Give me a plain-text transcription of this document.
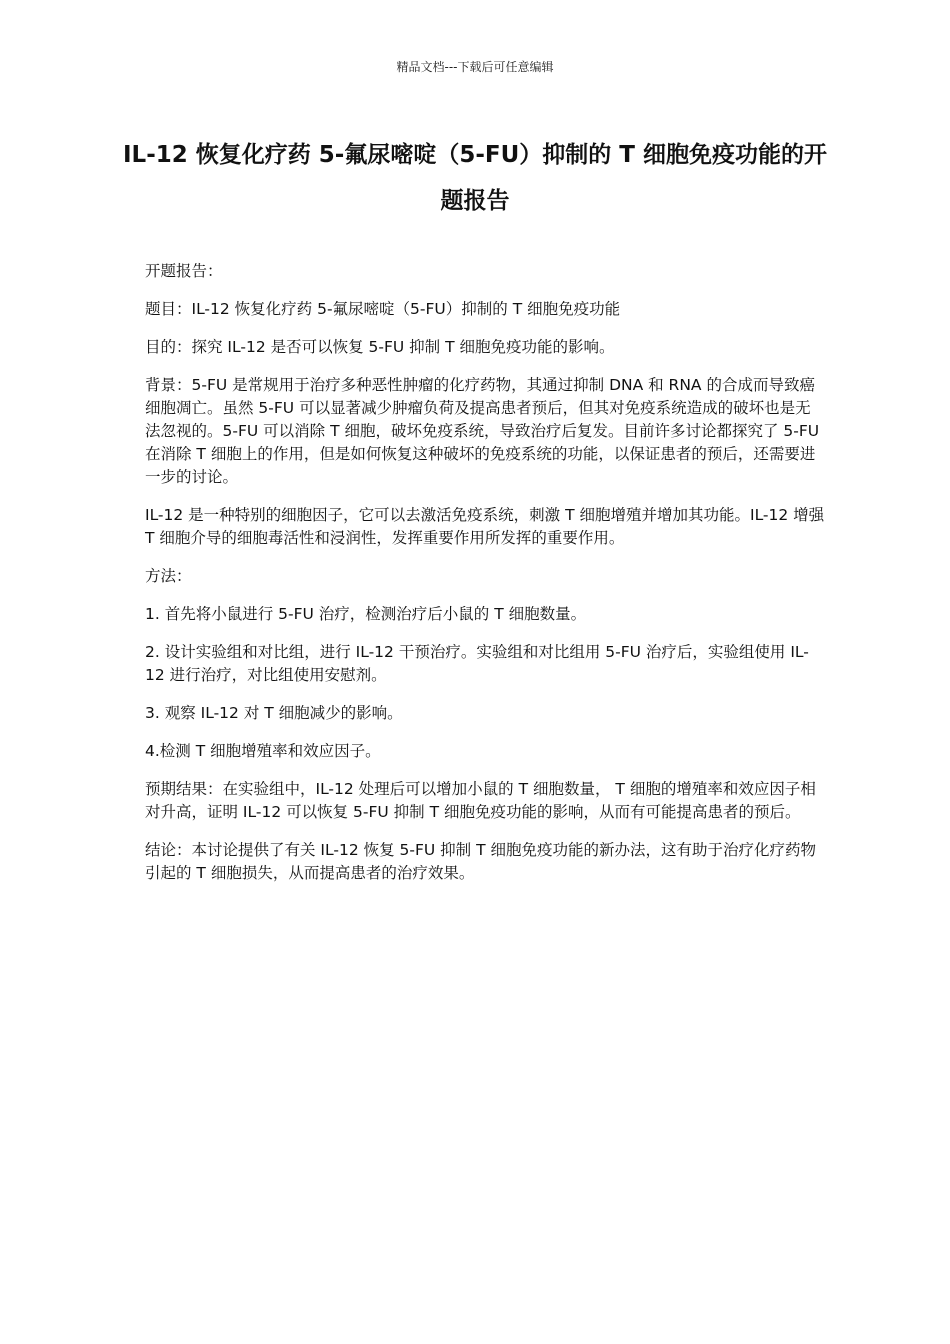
精品文档---下载后可任意编辑
IL-12 恢复化疗药 5-氟尿嘧啶（5-FU）抑制的 T 细胞免疫功能的开题报告

开题报告：

题目：IL-12 恢复化疗药 5-氟尿嘧啶（5-FU）抑制的 T 细胞免疫功能

目的：探究 IL-12 是否可以恢复 5-FU 抑制 T 细胞免疫功能的影响。

背景：5-FU 是常规用于治疗多种恶性肿瘤的化疗药物，其通过抑制 DNA 和 RNA 的合成而导致癌细胞凋亡。虽然 5-FU 可以显著减少肿瘤负荷及提高患者预后，但其对免疫系统造成的破坏也是无法忽视的。5-FU 可以消除 T 细胞，破坏免疫系统，导致治疗后复发。目前许多讨论都探究了 5-FU 在消除 T 细胞上的作用，但是如何恢复这种破坏的免疫系统的功能，以保证患者的预后，还需要进一步的讨论。

IL-12 是一种特别的细胞因子，它可以去激活免疫系统，刺激 T 细胞增殖并增加其功能。IL-12 增强 T 细胞介导的细胞毒活性和浸润性，发挥重要作用所发挥的重要作用。

方法：

1. 首先将小鼠进行 5-FU 治疗，检测治疗后小鼠的 T 细胞数量。

2. 设计实验组和对比组，进行 IL-12 干预治疗。实验组和对比组用 5-FU 治疗后，实验组使用 IL-12 进行治疗，对比组使用安慰剂。

3. 观察 IL-12 对 T 细胞减少的影响。

4.检测 T 细胞增殖率和效应因子。

预期结果：在实验组中，IL-12 处理后可以增加小鼠的 T 细胞数量， T 细胞的增殖率和效应因子相对升高，证明 IL-12 可以恢复 5-FU 抑制 T 细胞免疫功能的影响，从而有可能提高患者的预后。

结论：本讨论提供了有关 IL-12 恢复 5-FU 抑制 T 细胞免疫功能的新办法，这有助于治疗化疗药物引起的 T 细胞损失，从而提高患者的治疗效果。
